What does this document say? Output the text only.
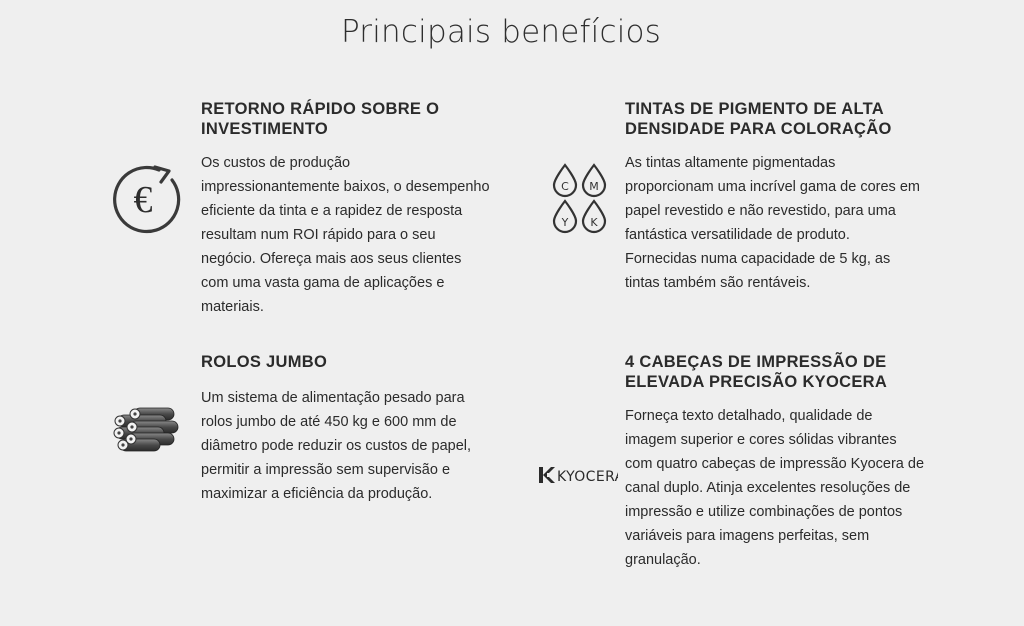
Principais benefícios
€
RETORNO RÁPIDO SOBRE O INVESTIMENTO

Os custos de produção impressionantemente baixos, o desempenho eficiente da tinta e a rapidez de resposta resultam num ROI rápido para o seu negócio. Ofereça mais aos seus clientes com uma vasta gama de aplicações e materiais.

C M
Y K
TINTAS DE PIGMENTO DE ALTA DENSIDADE PARA COLORAÇÃO

As tintas altamente pigmentadas proporcionam uma incrível gama de cores em papel revestido e não revestido, para uma fantástica versatilidade de produto. Fornecidas numa capacidade de 5 kg, as tintas também são rentáveis.

ROLOS JUMBO

Um sistema de alimentação pesado para rolos jumbo de até 450 kg e 600 mm de diâmetro pode reduzir os custos de papel, permitir a impressão sem supervisão e maximizar a eficiência da produção.

KYOCERA
4 CABEÇAS DE IMPRESSÃO DE ELEVADA PRECISÃO KYOCERA

Forneça texto detalhado, qualidade de imagem superior e cores sólidas vibrantes com quatro cabeças de impressão Kyocera de canal duplo. Atinja excelentes resoluções de impressão e utilize combinações de pontos variáveis para imagens perfeitas, sem granulação.
